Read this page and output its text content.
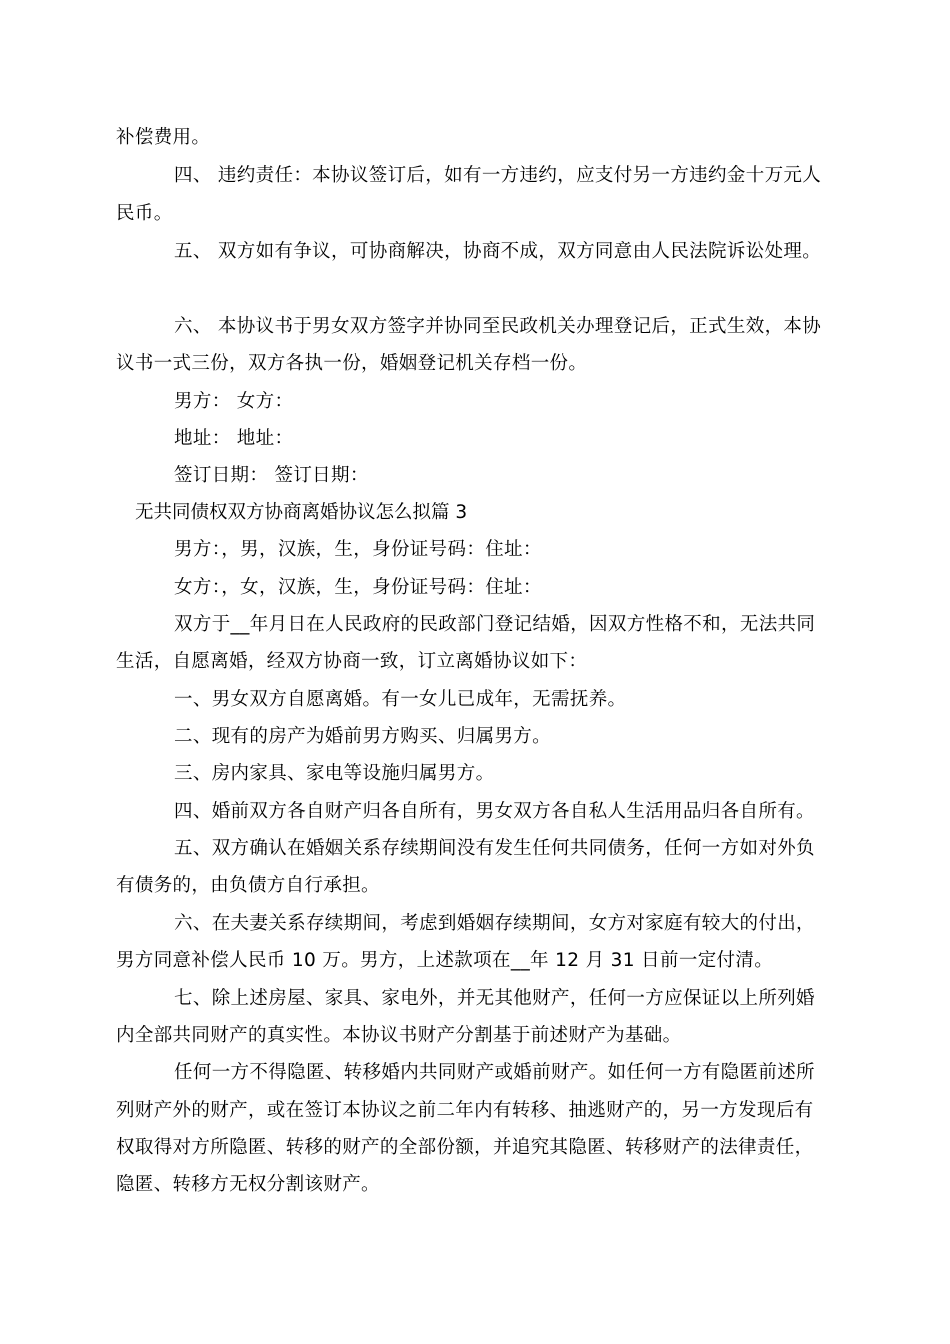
补偿费用。
四、 违约责任：本协议签订后，如有一方违约，应支付另一方违约金十万元人
民币。
五、 双方如有争议，可协商解决，协商不成，双方同意由人民法院诉讼处理。
六、 本协议书于男女双方签字并协同至民政机关办理登记后，正式生效，本协
议书一式三份，双方各执一份，婚姻登记机关存档一份。
男方： 女方：
地址： 地址：
签订日期： 签订日期：
无共同债权双方协商离婚协议怎么拟篇 3
男方：，男，汉族，生，身份证号码：住址：
女方：，女，汉族，生，身份证号码：住址：
双方于__年月日在人民政府的民政部门登记结婚，因双方性格不和，无法共同
生活，自愿离婚，经双方协商一致，订立离婚协议如下：
一、男女双方自愿离婚。有一女儿已成年，无需抚养。
二、现有的房产为婚前男方购买、归属男方。
三、房内家具、家电等设施归属男方。
四、婚前双方各自财产归各自所有，男女双方各自私人生活用品归各自所有。
五、双方确认在婚姻关系存续期间没有发生任何共同债务，任何一方如对外负
有债务的，由负债方自行承担。
六、在夫妻关系存续期间，考虑到婚姻存续期间，女方对家庭有较大的付出，
男方同意补偿人民币 10 万。男方，上述款项在__年 12 月 31 日前一定付清。
七、除上述房屋、家具、家电外，并无其他财产，任何一方应保证以上所列婚
内全部共同财产的真实性。本协议书财产分割基于前述财产为基础。
任何一方不得隐匿、转移婚内共同财产或婚前财产。如任何一方有隐匿前述所
列财产外的财产，或在签订本协议之前二年内有转移、抽逃财产的，另一方发现后有
权取得对方所隐匿、转移的财产的全部份额，并追究其隐匿、转移财产的法律责任，
隐匿、转移方无权分割该财产。
